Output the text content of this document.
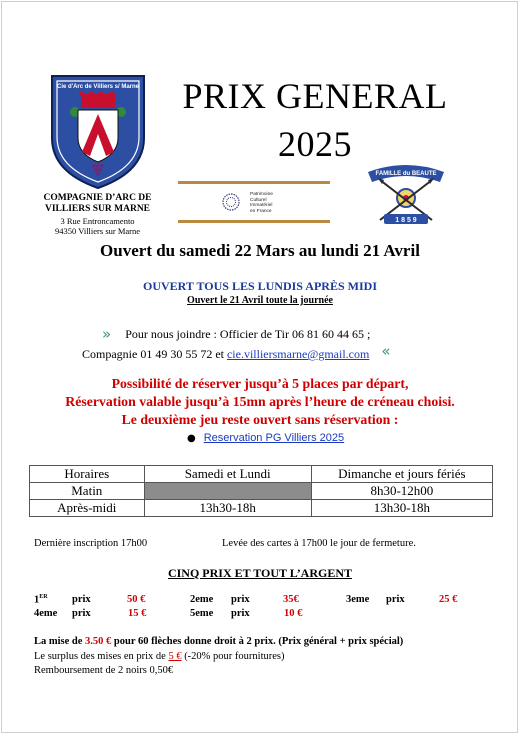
Cie d'Arc de Villiers s/ Marne
COMPAGNIE D’ARC DE
VILLIERS SUR MARNE
3 Rue Entroncamento
94350 Villiers sur Marne
PRIX GENERAL
2025
Patrimoine
Culturel
Immatériel
en France
FAMILLE du BEAUTE
1 8 5 9
Ouvert du samedi 22 Mars au lundi 21 Avril
OUVERT TOUS LES LUNDIS APRÈS MIDI
Ouvert le 21 Avril toute la journée
» Pour nous joindre : Officier de Tir 06 81 60 44 65 ;
Compagnie 01 49 30 55 72 et cie.villiersmarne@gmail.com «
Possibilité de réserver jusqu’à 5 places par départ,
Réservation valable jusqu’à 15mn après l’heure de créneau choisi.
Le deuxième jeu reste ouvert sans réservation :
● Reservation PG Villiers 2025
Horaires	Samedi et Lundi	Dimanche et jours fériés
Matin		8h30-12h00
Après-midi	13h30-18h	13h30-18h
Dernière inscription 17h00	Levée des cartes à 17h00 le jour de fermeture.
CINQ PRIX ET TOUT L’ARGENT
1ER prix	50 €	2eme prix	35€	3eme prix	25 €
4eme prix	15 €	5eme prix	10 €
La mise de 3.50 € pour 60 flèches donne droit à 2 prix. (Prix général + prix spécial)
Le surplus des mises en prix de 5 € (-20% pour fournitures)
Remboursement de 2 noirs 0,50€
